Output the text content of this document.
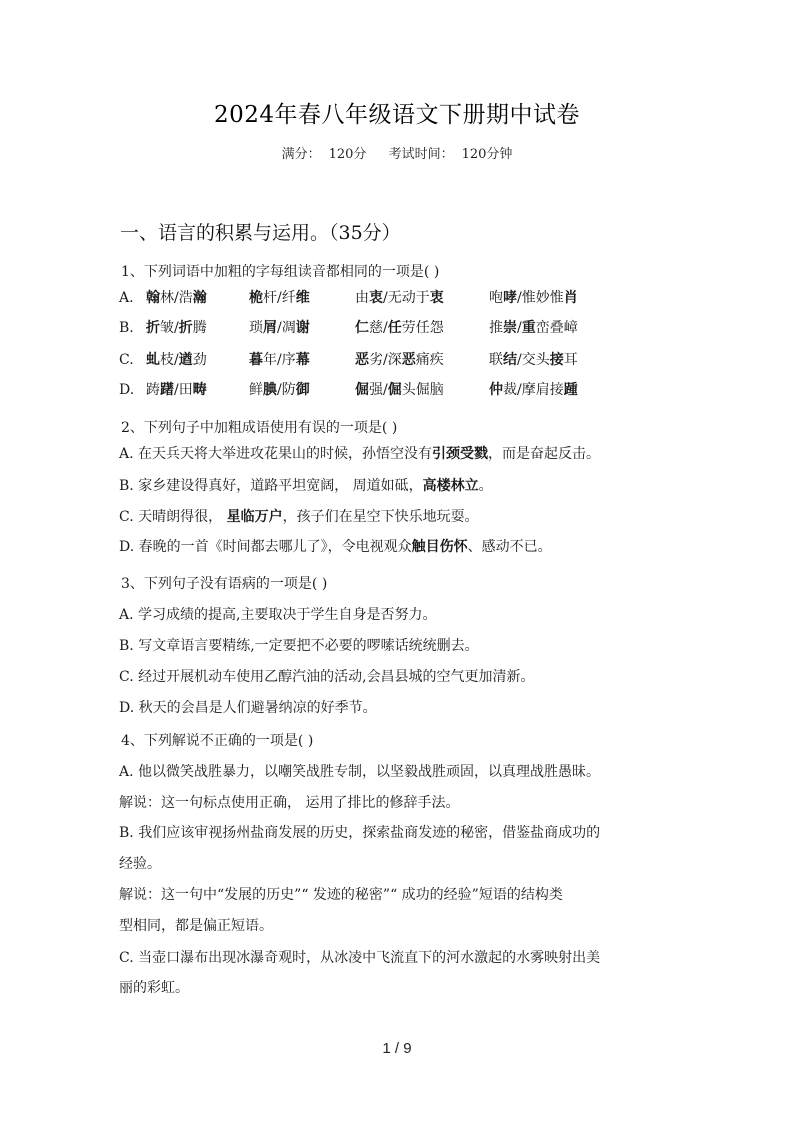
2024年春八年级语文下册期中试卷
满分： 120分 考试时间： 120分钟
一、语言的积累与运用。（35分）
1、下列词语中加粗的字每组读音都相同的一项是( )
A. 翰林/浩瀚	桅杆/纤维	由衷/无动于衷	咆哮/惟妙惟肖
B. 折皱/折腾	琐屑/凋谢	仁慈/任劳任怨	推崇/重峦叠嶂
C. 虬枝/遒劲	暮年/序幕	恶劣/深恶痛疾	联结/交头接耳
D. 踌躇/田畴	鲜腆/防御	倔强/倔头倔脑	仲裁/摩肩接踵
2、下列句子中加粗成语使用有误的一项是( )
A. 在天兵天将大举进攻花果山的时候，孙悟空没有引颈受戮，而是奋起反击。
B. 家乡建设得真好，道路平坦宽阔， 周道如砥，高楼林立。
C. 天晴朗得很， 星临万户，孩子们在星空下快乐地玩耍。
D. 春晚的一首《时间都去哪儿了》，令电视观众触目伤怀、感动不已。
3、下列句子没有语病的一项是( )
A. 学习成绩的提高,主要取决于学生自身是否努力。
B. 写文章语言要精练,一定要把不必要的啰嗦话统统删去。
C. 经过开展机动车使用乙醇汽油的活动,会昌县城的空气更加清新。
D. 秋天的会昌是人们避暑纳凉的好季节。
4、下列解说不正确的一项是( )
A. 他以微笑战胜暴力，以嘲笑战胜专制，以坚毅战胜顽固，以真理战胜愚昧。
解说：这一句标点使用正确， 运用了排比的修辞手法。
B. 我们应该审视扬州盐商发展的历史，探索盐商发迹的秘密，借鉴盐商成功的
经验。
解说：这一句中“发展的历史”“ 发迹的秘密”“ 成功的经验”短语的结构类
型相同，都是偏正短语。
C. 当壶口瀑布出现冰瀑奇观时，从冰凌中飞流直下的河水激起的水雾映射出美
丽的彩虹。
1 / 9
